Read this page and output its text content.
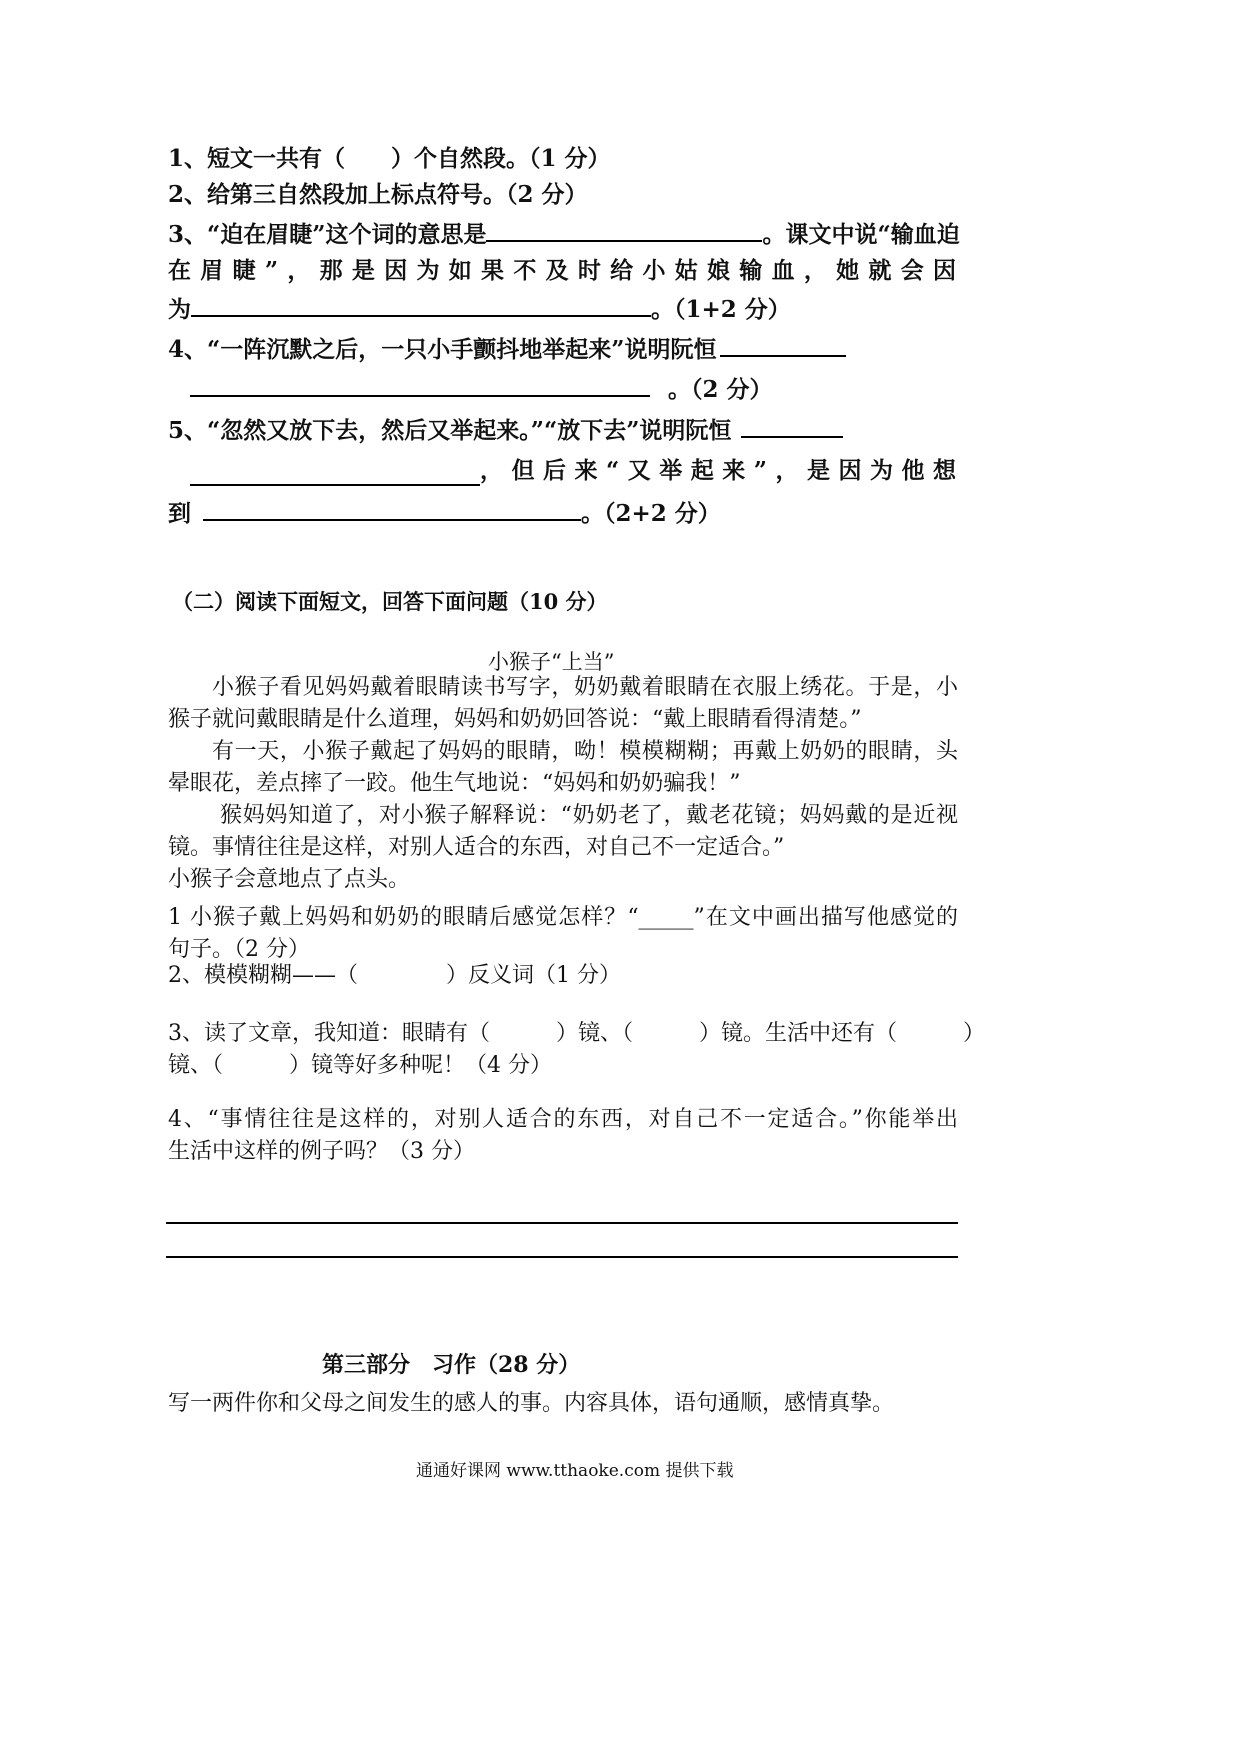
1、短文一共有（　　）个自然段。（1 分）
2、给第三自然段加上标点符号。（2 分）
3、“迫在眉睫”这个词的意思是	。课文中说“输血迫
在眉睫”，那是因为如果不及时给小姑娘输血，她就会因
为	。（1+2 分）
4、“一阵沉默之后，一只小手颤抖地举起来”说明阮恒
。（2 分）
5、“忽然又放下去，然后又举起来。”“放下去”说明阮恒
，但后来“又举起来”，是因为他想
到	。（2+2 分）
（二）阅读下面短文，回答下面问题（10 分）
小猴子“上当”
小猴子看见妈妈戴着眼睛读书写字，奶奶戴着眼睛在衣服上绣花。于是，小
猴子就问戴眼睛是什么道理，妈妈和奶奶回答说：“戴上眼睛看得清楚。”
有一天，小猴子戴起了妈妈的眼睛，呦！模模糊糊；再戴上奶奶的眼睛，头
晕眼花，差点摔了一跤。他生气地说：“妈妈和奶奶骗我！”
猴妈妈知道了，对小猴子解释说：“奶奶老了，戴老花镜；妈妈戴的是近视
镜。事情往往是这样，对别人适合的东西，对自己不一定适合。”
小猴子会意地点了点头。
1 小猴子戴上妈妈和奶奶的眼睛后感觉怎样？“_____”在文中画出描写他感觉的
句子。（2 分）
2、模模糊糊——（　　　　）反义词（1 分）
3、读了文章，我知道：眼睛有（　　　）镜、（　　　）镜。生活中还有（　　　）
镜、（　　　）镜等好多种呢！（4 分）
4、“事情往往是这样的，对别人适合的东西，对自己不一定适合。”你能举出
生活中这样的例子吗？（3 分）
第三部分　习作（28 分）
写一两件你和父母之间发生的感人的事。内容具体，语句通顺，感情真挚。
通通好课网 www.tthaoke.com 提供下载
